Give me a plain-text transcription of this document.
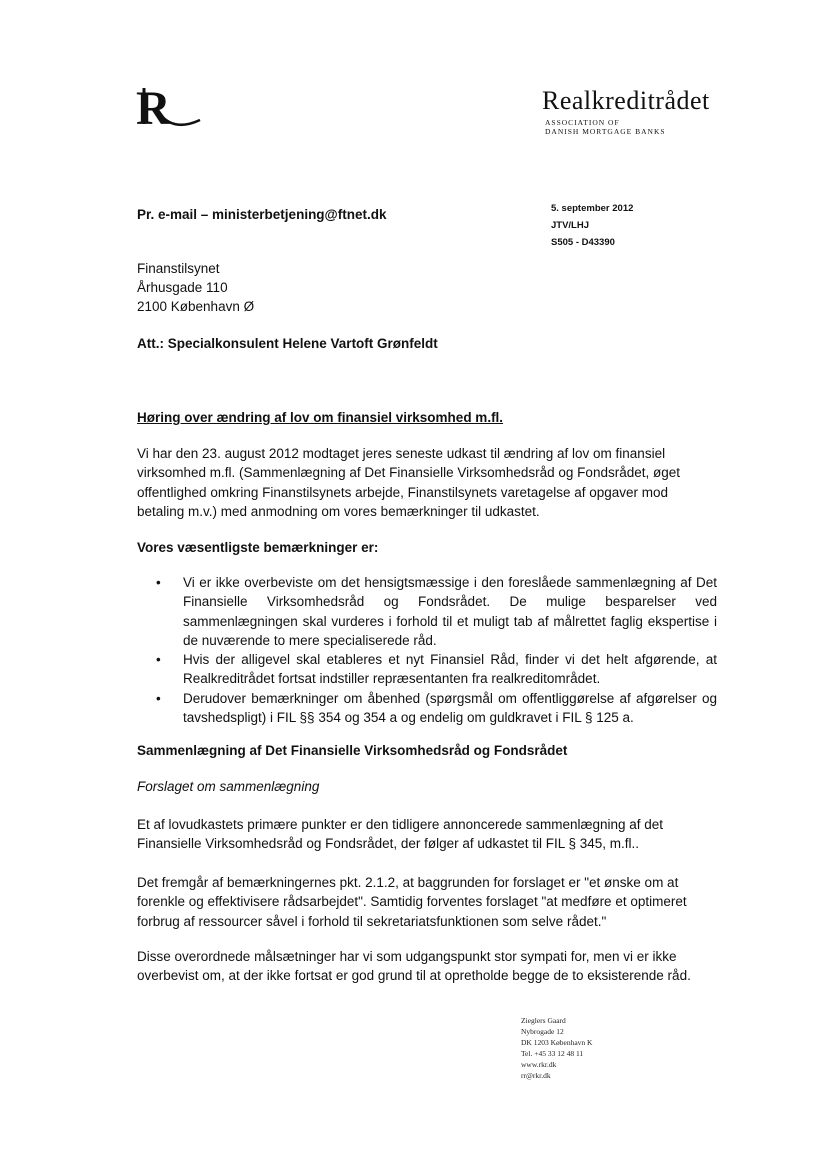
R	Realkreditrådet
ASSOCIATION OF
DANISH MORTGAGE BANKS
Pr. e-mail – ministerbetjening@ftnet.dk	5. september 2012
JTV/LHJ
S505 - D43390
Finanstilsynet
Århusgade 110
2100 København Ø
Att.: Specialkonsulent Helene Vartoft Grønfeldt
Høring over ændring af lov om finansiel virksomhed m.fl.
Vi har den 23. august 2012 modtaget jeres seneste udkast til ændring af lov om finansiel virksomhed m.fl. (Sammenlægning af Det Finansielle Virksomhedsråd og Fondsrådet, øget offentlighed omkring Finanstilsynets arbejde, Finanstilsynets varetagelse af opgaver mod betaling m.v.) med anmodning om vores bemærkninger til udkastet.
Vores væsentligste bemærkninger er:
• Vi er ikke overbeviste om det hensigtsmæssige i den foreslåede sammenlægning af Det Finansielle Virksomhedsråd og Fondsrådet. De mulige besparelser ved sammenlægningen skal vurderes i forhold til et muligt tab af målrettet faglig ekspertise i de nuværende to mere specialiserede råd.
• Hvis der alligevel skal etableres et nyt Finansiel Råd, finder vi det helt afgørende, at Realkreditrådet fortsat indstiller repræsentanten fra realkreditområdet.
• Derudover bemærkninger om åbenhed (spørgsmål om offentliggørelse af afgørelser og tavshedspligt) i FIL §§ 354 og 354 a og endelig om guldkravet i FIL § 125 a.
Sammenlægning af Det Finansielle Virksomhedsråd og Fondsrådet
Forslaget om sammenlægning
Et af lovudkastets primære punkter er den tidligere annoncerede sammenlægning af det Finansielle Virksomhedsråd og Fondsrådet, der følger af udkastet til FIL § 345, m.fl..
Det fremgår af bemærkningernes pkt. 2.1.2, at baggrunden for forslaget er "et ønske om at forenkle og effektivisere rådsarbejdet". Samtidig forventes forslaget "at medføre et optimeret forbrug af ressourcer såvel i forhold til sekretariatsfunktionen som selve rådet."
Disse overordnede målsætninger har vi som udgangspunkt stor sympati for, men vi er ikke overbevist om, at der ikke fortsat er god grund til at opretholde begge de to eksisterende råd.
Zieglers Gaard
Nybrogade 12
DK 1203 København K
Tel. +45 33 12 48 11
www.rkr.dk
rr@rkr.dk
